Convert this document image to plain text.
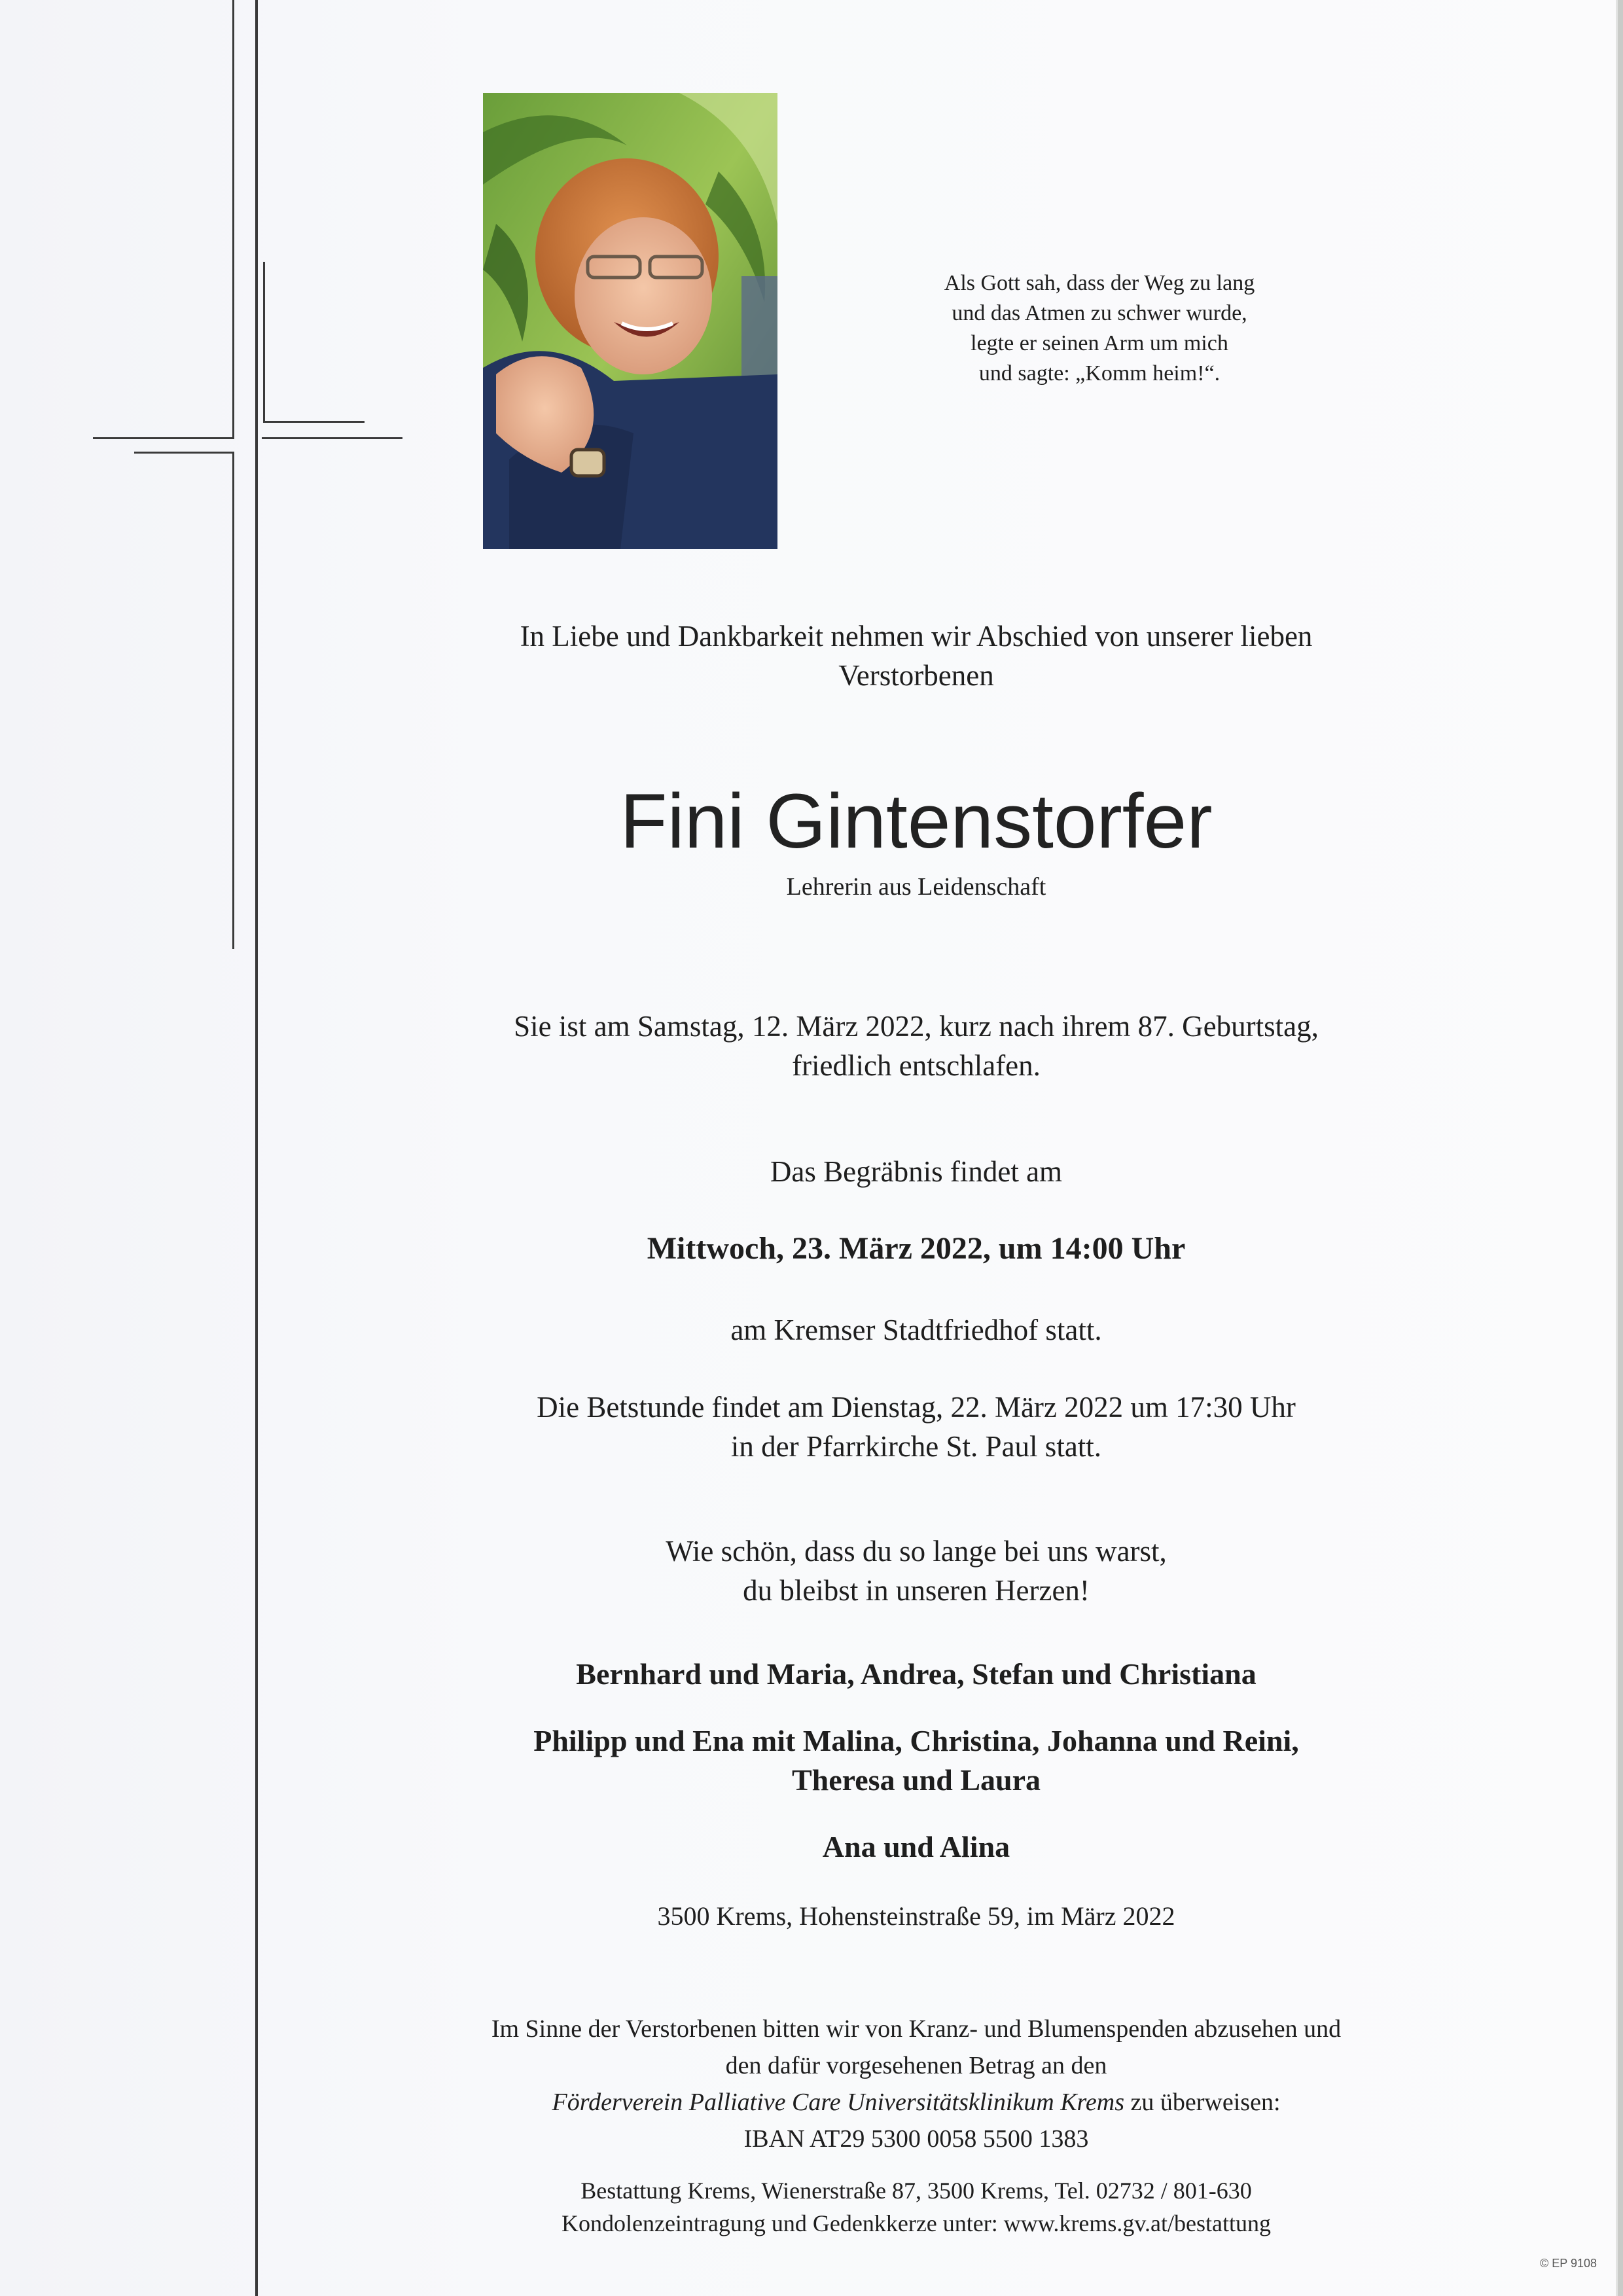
Als Gott sah, dass der Weg zu lang

und das Atmen zu schwer wurde,

legte er seinen Arm um mich

und sagte: „Komm heim!“.

In Liebe und Dankbarkeit nehmen wir Abschied von unserer lieben

Verstorbenen

Fini Gintenstorfer
Lehrerin aus Leidenschaft

Sie ist am Samstag, 12. März 2022, kurz nach ihrem 87. Geburtstag,

friedlich entschlafen.

Das Begräbnis findet am
Mittwoch, 23. März 2022, um 14:00 Uhr
am Kremser Stadtfriedhof statt.

Die Betstunde findet am Dienstag, 22. März 2022 um 17:30 Uhr

in der Pfarrkirche St. Paul statt.

Wie schön, dass du so lange bei uns warst,

du bleibst in unseren Herzen!

Bernhard und Maria, Andrea, Stefan und Christiana

Philipp und Ena mit Malina, Christina, Johanna und Reini,

Theresa und Laura

Ana und Alina

3500 Krems, Hohensteinstraße 59, im März 2022

Im Sinne der Verstorbenen bitten wir von Kranz- und Blumenspenden abzusehen und

den dafür vorgesehenen Betrag an den

Förderverein Palliative Care Universitätsklinikum Krems zu überweisen:

IBAN AT29 5300 0058 5500 1383

Bestattung Krems, Wienerstraße 87, 3500 Krems, Tel. 02732 / 801-630

Kondolenzeintragung und Gedenkkerze unter: www.krems.gv.at/bestattung

© EP 9108
